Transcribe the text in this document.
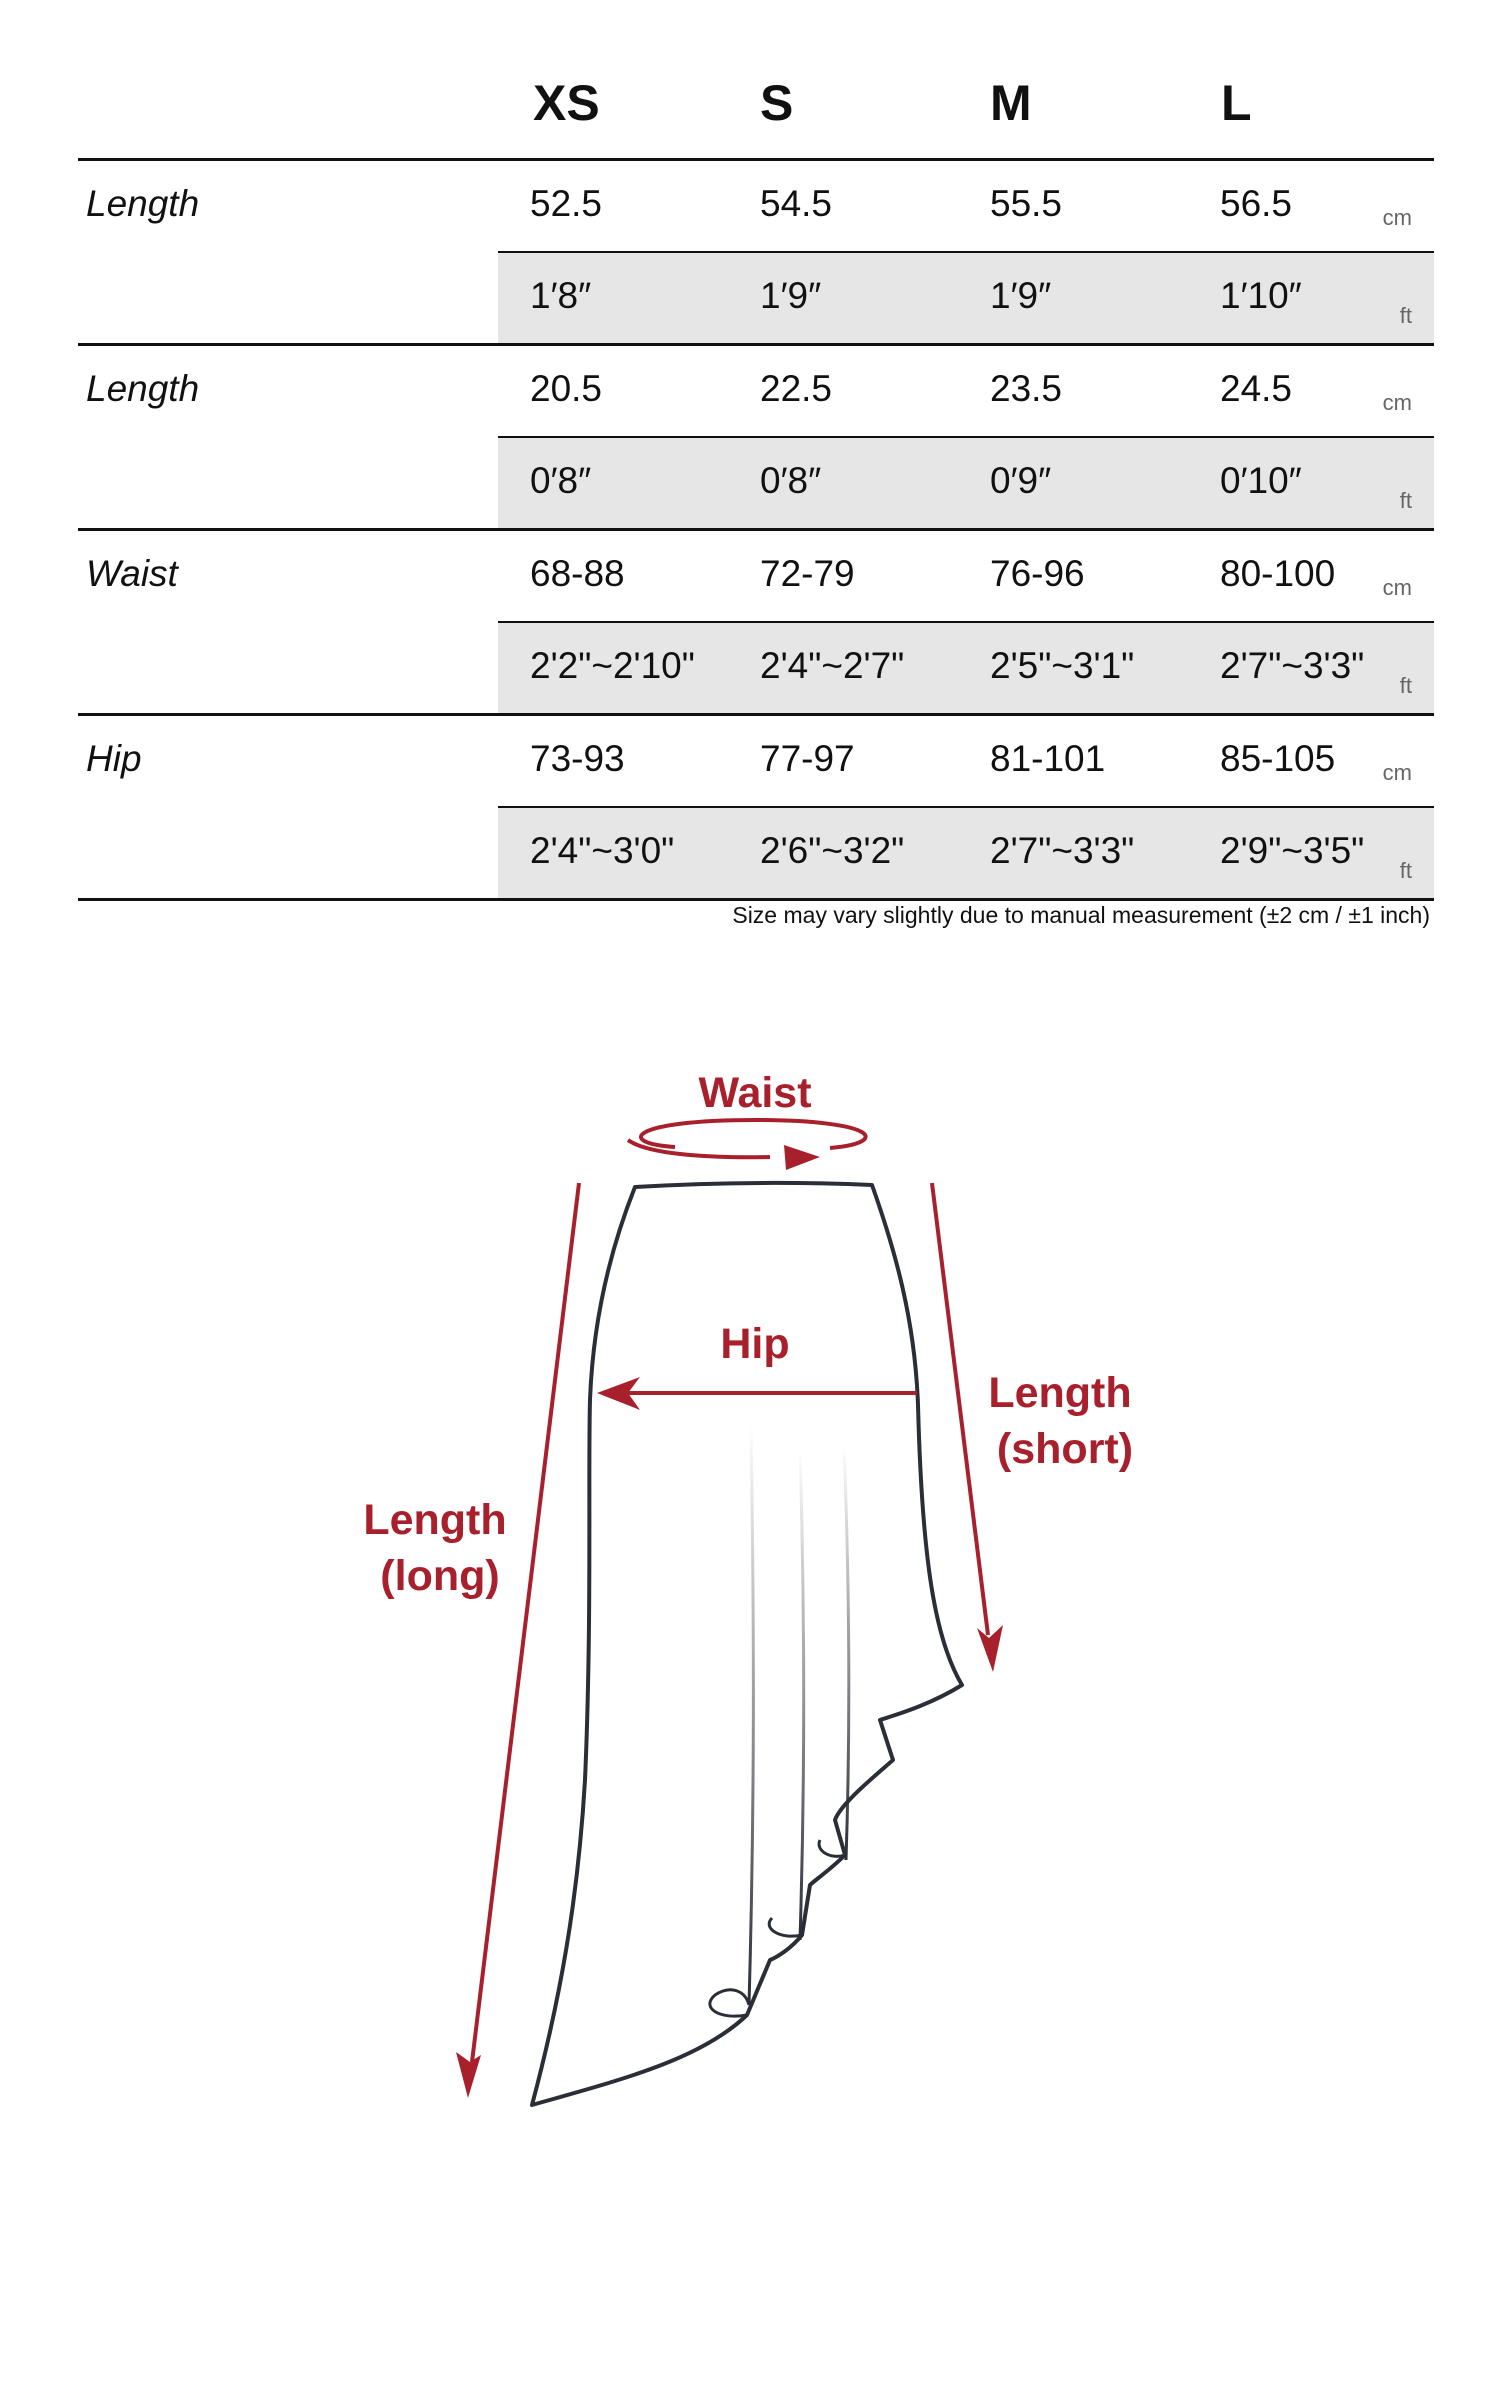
XS	S	M	L
Length	52.5	54.5	55.5	56.5	cm
1′8″	1′9″	1′9″	1′10″	ft
Length	20.5	22.5	23.5	24.5	cm
0′8″	0′8″	0′9″	0′10″	ft
Waist	68-88	72-79	76-96	80-100 cm
2'2"~2'10" 2'4"~2'7" 2'5"~3'1" 2'7"~3'3" ft
Hip	73-93	77-97	81-101	85-105 cm
2'4"~3'0" 2'6"~3'2" 2'7"~3'3" 2'9"~3'5" ft
Size may vary slightly due to manual measurement (±2 cm / ±1 inch)
Waist
Hip
Length
(short)
Length
(long)
